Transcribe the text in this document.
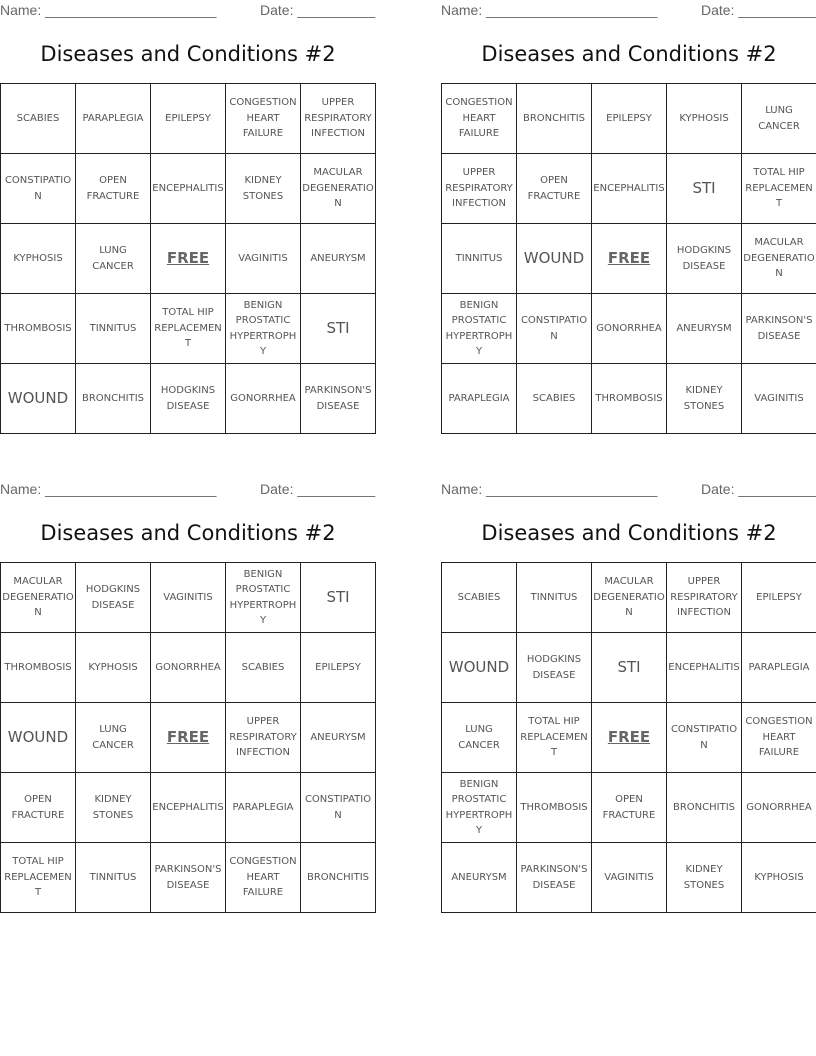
Name: ______________________	Date: __________
Diseases and Conditions #2
SCABIES	PARAPLEGIA	EPILEPSY	CONGESTION HEART FAILURE	UPPER RESPIRATORY INFECTION
CONSTIPATION	OPEN FRACTURE	ENCEPHALITIS	KIDNEY STONES	MACULAR DEGENERATION
KYPHOSIS	LUNG CANCER	FREE	VAGINITIS	ANEURYSM
THROMBOSIS	TINNITUS	TOTAL HIP REPLACEMENT	BENIGN PROSTATIC HYPERTROPHY	STI
WOUND	BRONCHITIS	HODGKINS DISEASE	GONORRHEA	PARKINSON'S DISEASE
Name: ______________________	Date: __________
Diseases and Conditions #2
CONGESTION HEART FAILURE	BRONCHITIS	EPILEPSY	KYPHOSIS	LUNG CANCER
UPPER RESPIRATORY INFECTION	OPEN FRACTURE	ENCEPHALITIS	STI	TOTAL HIP REPLACEMENT
TINNITUS	WOUND	FREE	HODGKINS DISEASE	MACULAR DEGENERATION
BENIGN PROSTATIC HYPERTROPHY	CONSTIPATION	GONORRHEA	ANEURYSM	PARKINSON'S DISEASE
PARAPLEGIA	SCABIES	THROMBOSIS	KIDNEY STONES	VAGINITIS
Name: ______________________	Date: __________
Diseases and Conditions #2
MACULAR DEGENERATION	HODGKINS DISEASE	VAGINITIS	BENIGN PROSTATIC HYPERTROPHY	STI
THROMBOSIS	KYPHOSIS	GONORRHEA	SCABIES	EPILEPSY
WOUND	LUNG CANCER	FREE	UPPER RESPIRATORY INFECTION	ANEURYSM
OPEN FRACTURE	KIDNEY STONES	ENCEPHALITIS	PARAPLEGIA	CONSTIPATION
TOTAL HIP REPLACEMENT	TINNITUS	PARKINSON'S DISEASE	CONGESTION HEART FAILURE	BRONCHITIS
Name: ______________________	Date: __________
Diseases and Conditions #2
SCABIES	TINNITUS	MACULAR DEGENERATION	UPPER RESPIRATORY INFECTION	EPILEPSY
WOUND	HODGKINS DISEASE	STI	ENCEPHALITIS	PARAPLEGIA
LUNG CANCER	TOTAL HIP REPLACEMENT	FREE	CONSTIPATION	CONGESTION HEART FAILURE
BENIGN PROSTATIC HYPERTROPHY	THROMBOSIS	OPEN FRACTURE	BRONCHITIS	GONORRHEA
ANEURYSM	PARKINSON'S DISEASE	VAGINITIS	KIDNEY STONES	KYPHOSIS
